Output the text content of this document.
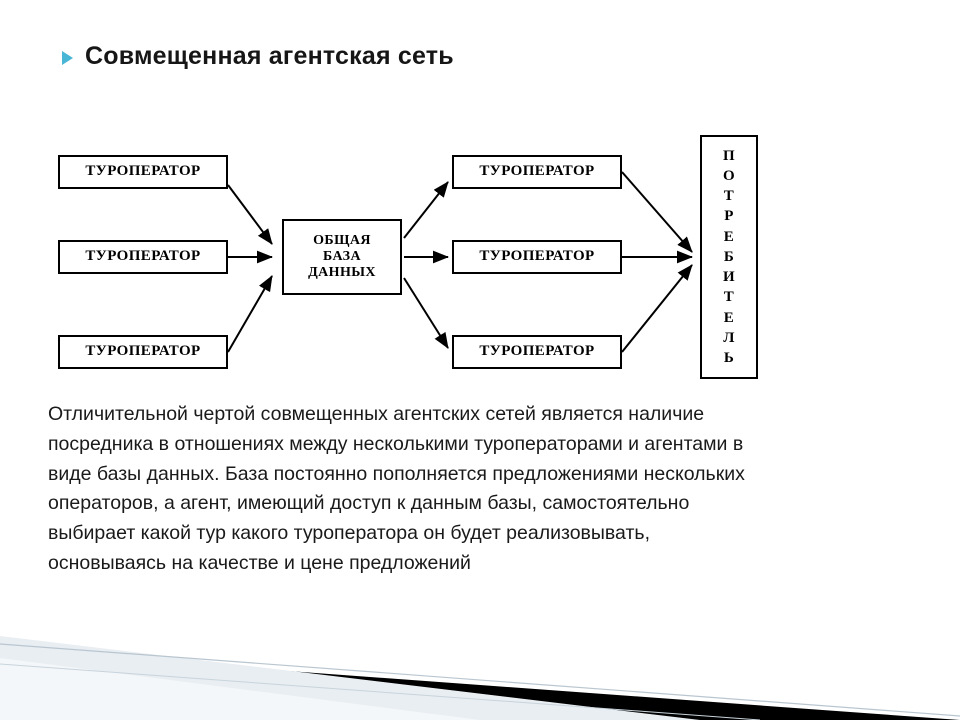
Совмещенная агентская сеть
ТУРОПЕРАТОР
ТУРОПЕРАТОР
ТУРОПЕРАТОР
ОБЩАЯ
БАЗА
ДАННЫХ
ТУРОПЕРАТОР
ТУРОПЕРАТОР
ТУРОПЕРАТОР
П
О
Т
Р
Е
Б
И
Т
Е
Л
Ь
Отличительной чертой совмещенных агентских сетей является наличие посредника в отношениях между несколькими туроператорами и агентами в виде базы данных. База постоянно пополняется предложениями нескольких операторов, а агент, имеющий доступ к данным базы, самостоятельно выбирает какой тур какого туроператора он будет реализовывать, основываясь на качестве и цене предложений
